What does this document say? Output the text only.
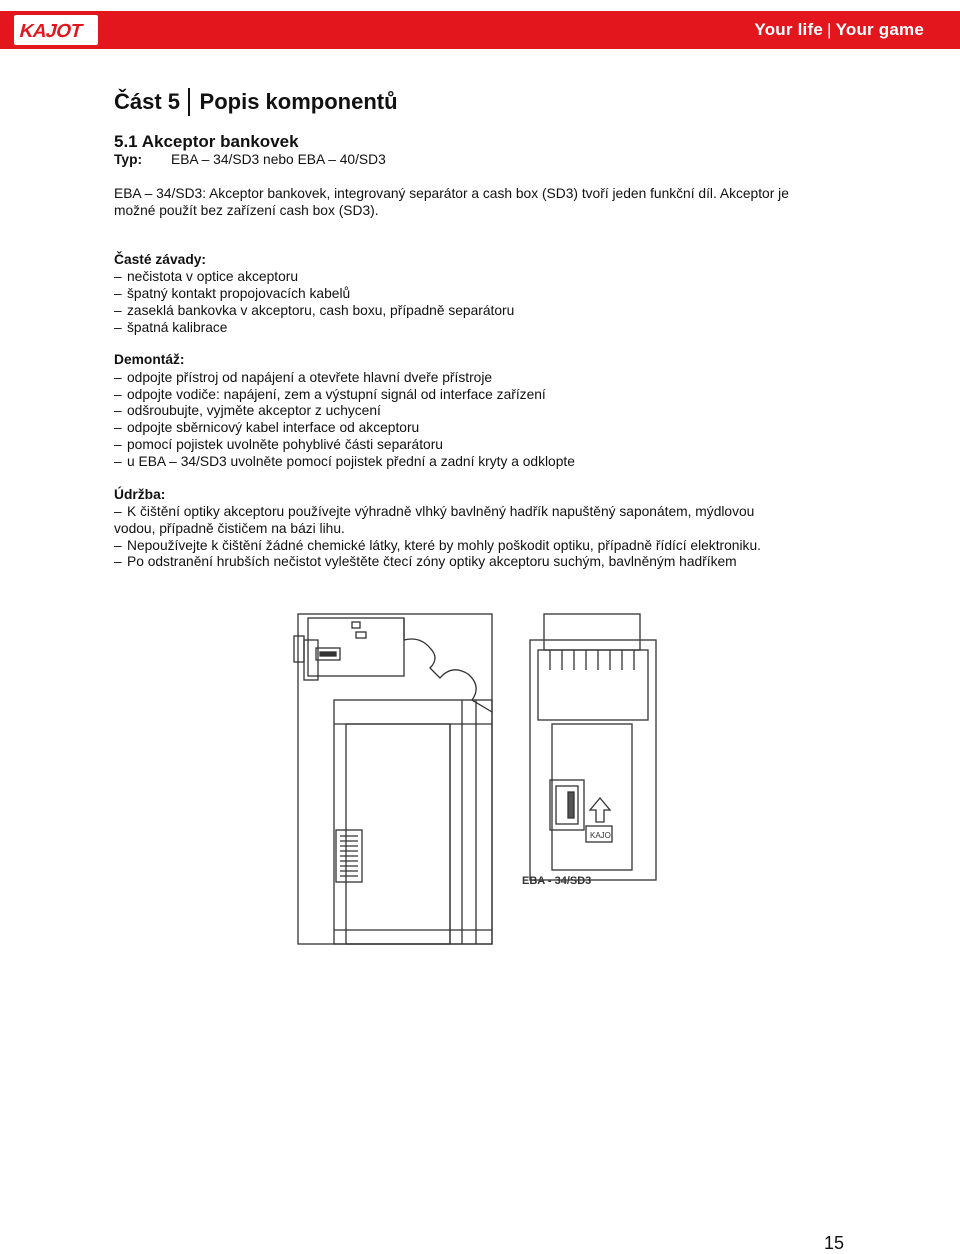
KAJOT	Your life | Your game
Část 5 Popis komponentů
5.1 Akceptor bankovek
Typ: EBA – 34/SD3 nebo EBA – 40/SD3
EBA – 34/SD3: Akceptor bankovek, integrovaný separátor a cash box (SD3) tvoří jeden funkční díl. Akceptor je
možné použít bez zařízení cash box (SD3).
Časté závady:
– nečistota v optice akceptoru
– špatný kontakt propojovacích kabelů
– zaseklá bankovka v akceptoru, cash boxu, případně separátoru
– špatná kalibrace
Demontáž:
– odpojte přístroj od napájení a otevřete hlavní dveře přístroje
– odpojte vodiče: napájení, zem a výstupní signál od interface zařízení
– odšroubujte, vyjměte akceptor z uchycení
– odpojte sběrnicový kabel interface od akceptoru
– pomocí pojistek uvolněte pohyblivé části separátoru
– u EBA – 34/SD3 uvolněte pomocí pojistek přední a zadní kryty a odklopte
Údržba:
– K čištění optiky akceptoru používejte výhradně vlhký bavlněný hadřík napuštěný saponátem, mýdlovou
vodou, případně čističem na bázi lihu.
– Nepoužívejte k čištění žádné chemické látky, které by mohly poškodit optiku, případně řídící elektroniku.
– Po odstranění hrubších nečistot vyleštěte čtecí zóny optiky akceptoru suchým, bavlněným hadříkem
KAJO
EBA - 34/SD3
15
